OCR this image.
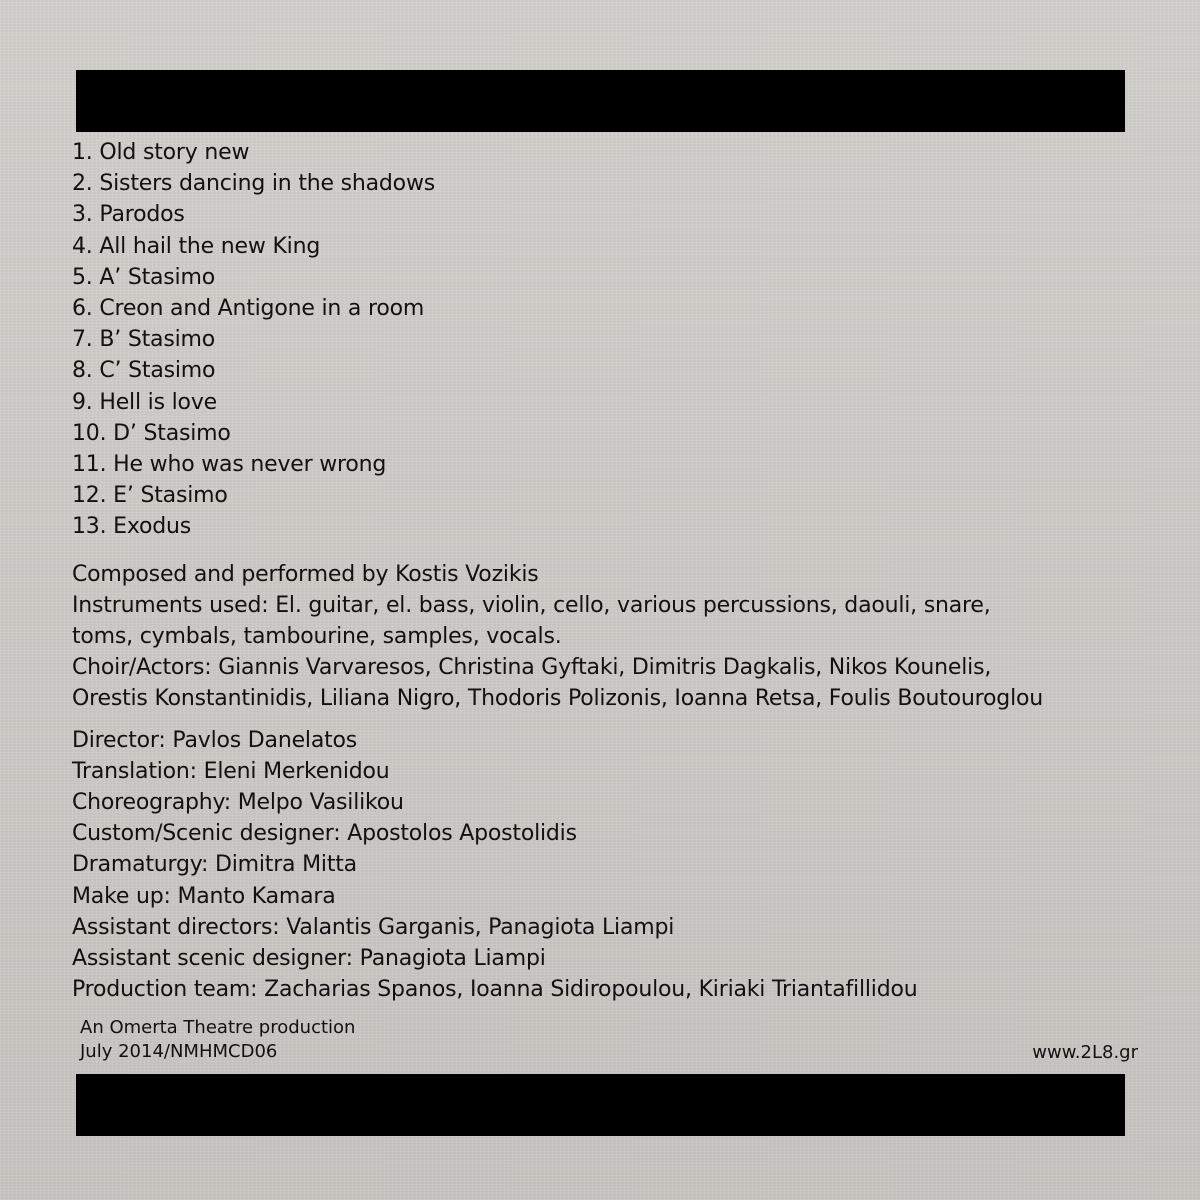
1. Old story new
2. Sisters dancing in the shadows
3. Parodos
4. All hail the new King
5. A’ Stasimo
6. Creon and Antigone in a room
7. B’ Stasimo
8. C’ Stasimo
9. Hell is love
10. D’ Stasimo
11. He who was never wrong
12. E’ Stasimo
13. Exodus
Composed and performed by Kostis Vozikis
Instruments used: El. guitar, el. bass, violin, cello, various percussions, daouli, snare,
toms, cymbals, tambourine, samples, vocals.
Choir/Actors: Giannis Varvaresos, Christina Gyftaki, Dimitris Dagkalis, Nikos Kounelis,
Orestis Konstantinidis, Liliana Nigro, Thodoris Polizonis, Ioanna Retsa, Foulis Boutouroglou
Director: Pavlos Danelatos
Translation: Eleni Merkenidou
Choreography: Melpo Vasilikou
Custom/Scenic designer: Apostolos Apostolidis
Dramaturgy: Dimitra Mitta
Make up: Manto Kamara
Assistant directors: Valantis Garganis, Panagiota Liampi
Assistant scenic designer: Panagiota Liampi
Production team: Zacharias Spanos, Ioanna Sidiropoulou, Kiriaki Triantafillidou
An Omerta Theatre production
July 2014/NMHMCD06	www.2L8.gr
